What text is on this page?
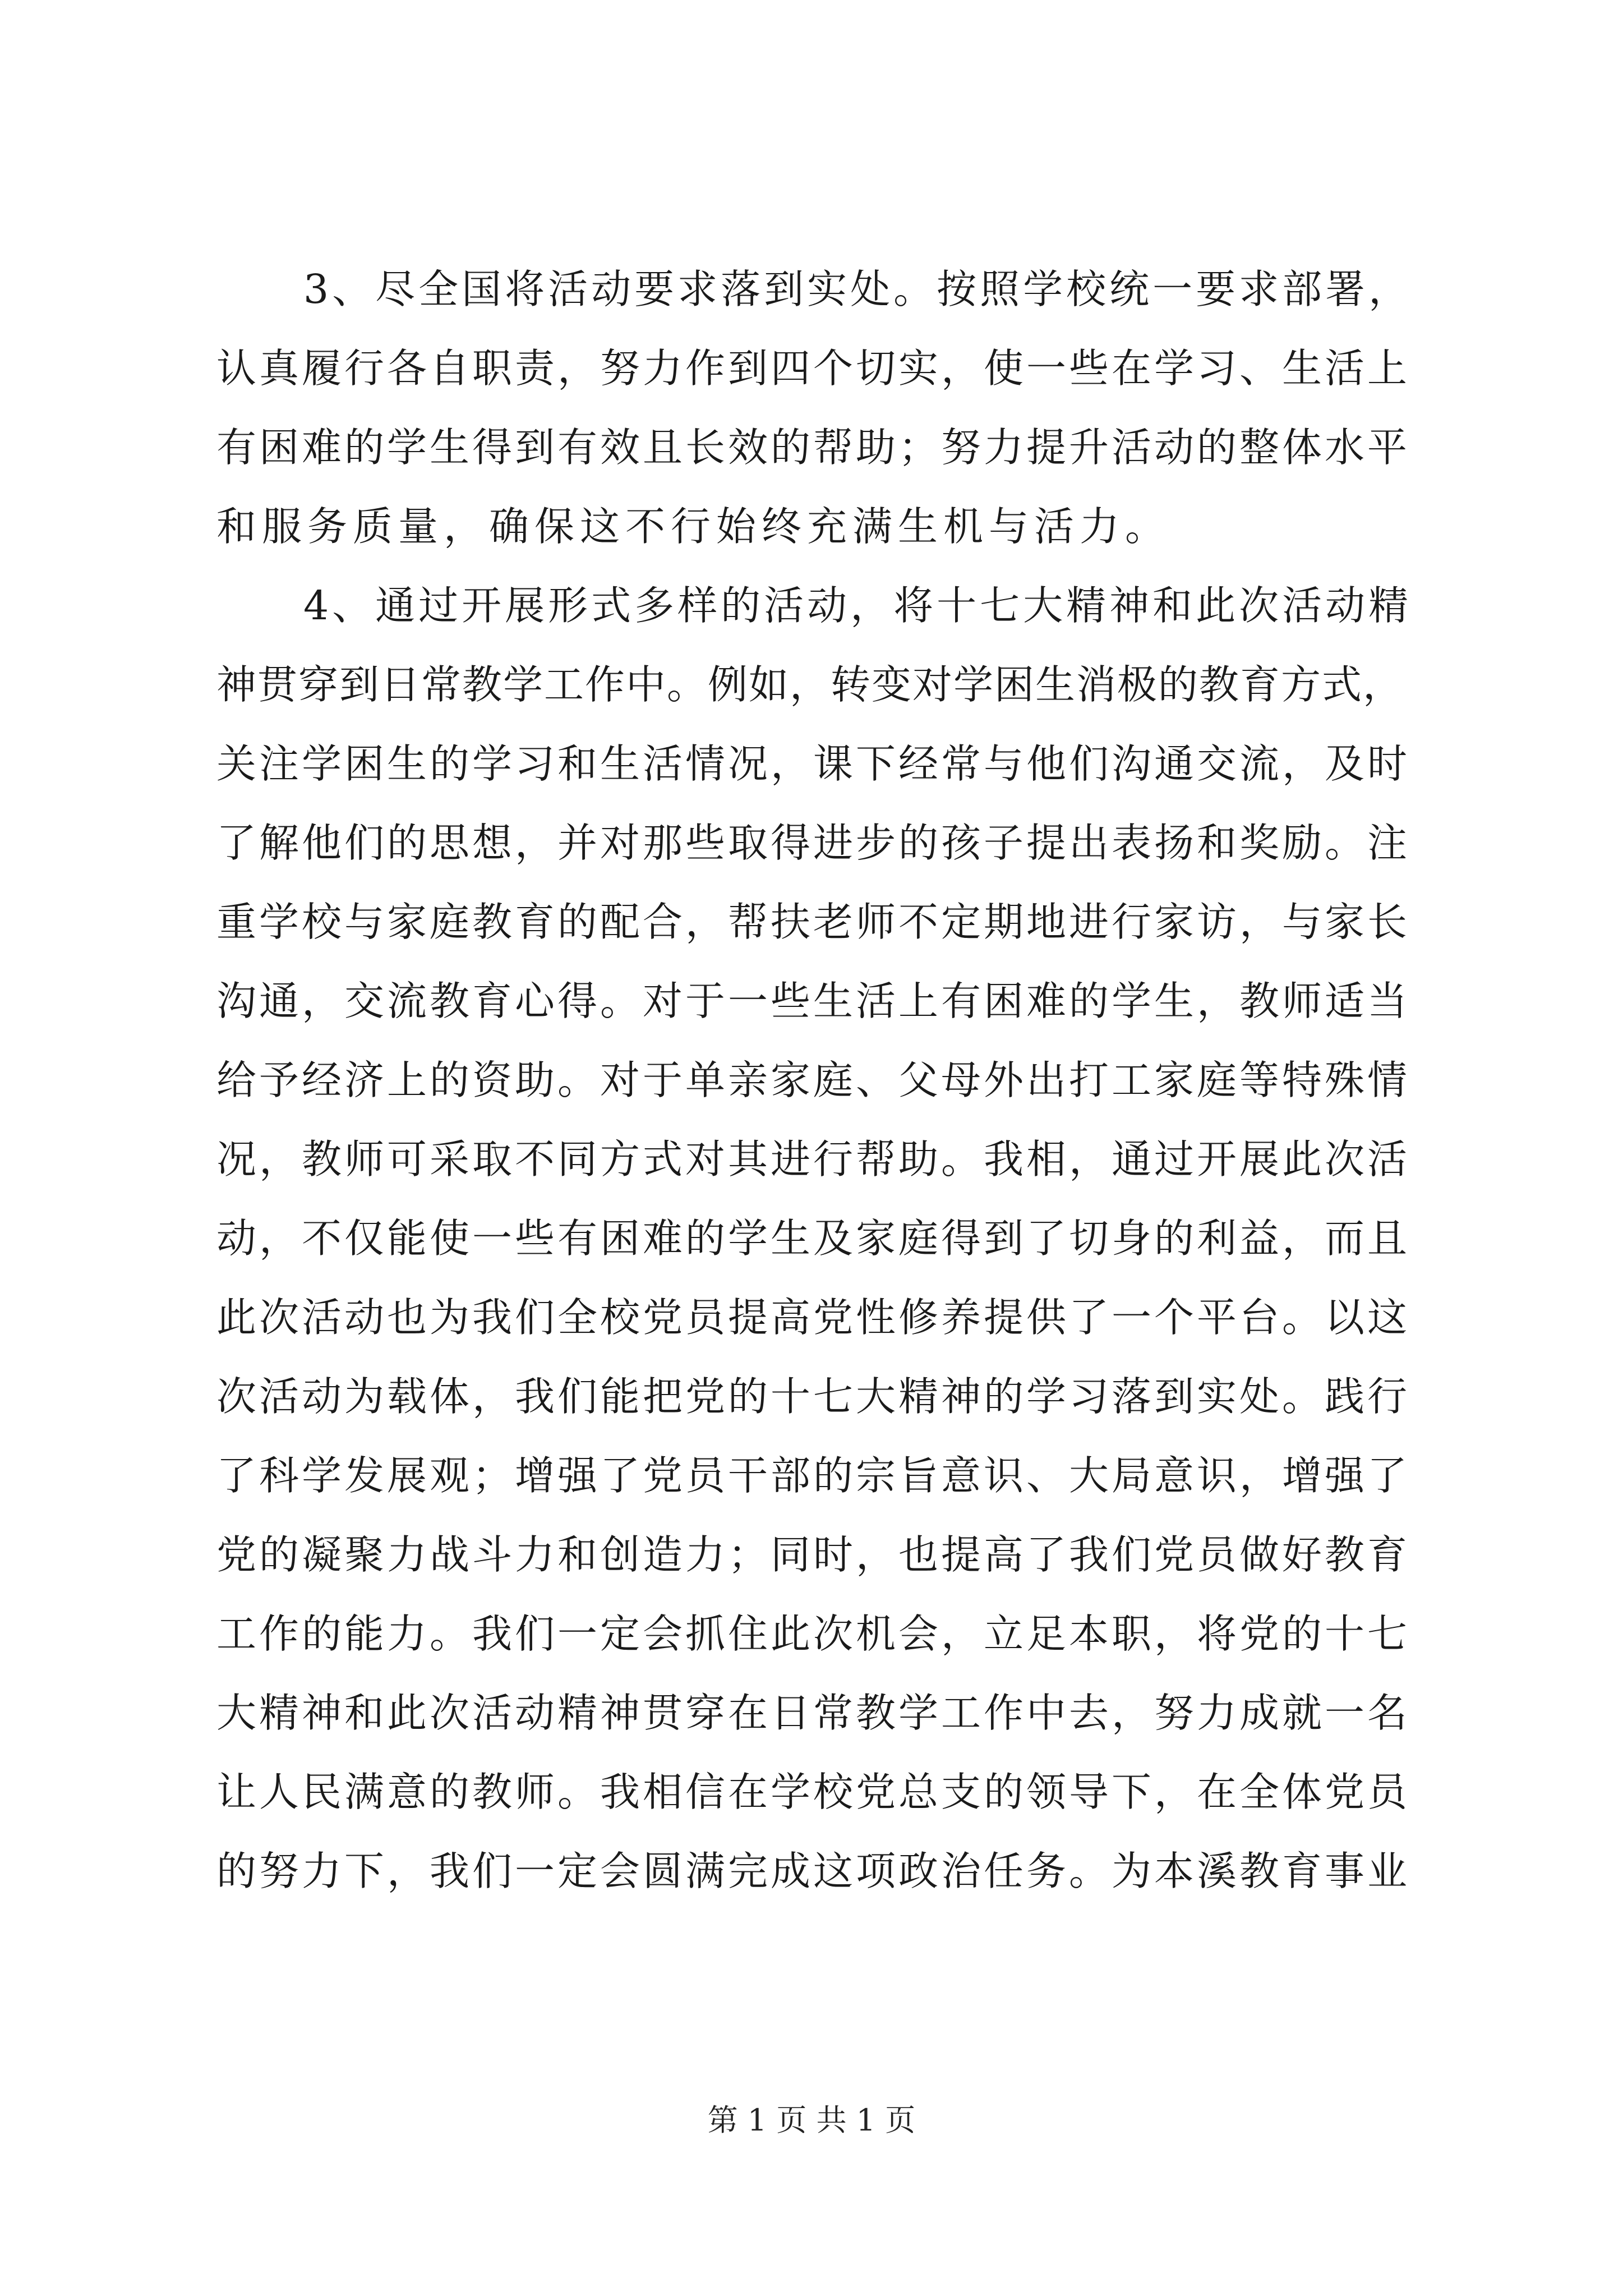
3、尽全国将活动要求落到实处。按照学校统一要求部署，
认真履行各自职责，努力作到四个切实，使一些在学习、生活上
有困难的学生得到有效且长效的帮助；努力提升活动的整体水平
和服务质量，确保这不行始终充满生机与活力。
4、通过开展形式多样的活动，将十七大精神和此次活动精
神贯穿到日常教学工作中。例如，转变对学困生消极的教育方式，
关注学困生的学习和生活情况，课下经常与他们沟通交流，及时
了解他们的思想，并对那些取得进步的孩子提出表扬和奖励。注
重学校与家庭教育的配合，帮扶老师不定期地进行家访，与家长
沟通，交流教育心得。对于一些生活上有困难的学生，教师适当
给予经济上的资助。对于单亲家庭、父母外出打工家庭等特殊情
况，教师可采取不同方式对其进行帮助。我相，通过开展此次活
动，不仅能使一些有困难的学生及家庭得到了切身的利益，而且
此次活动也为我们全校党员提高党性修养提供了一个平台。以这
次活动为载体，我们能把党的十七大精神的学习落到实处。践行
了科学发展观；增强了党员干部的宗旨意识、大局意识，增强了
党的凝聚力战斗力和创造力；同时，也提高了我们党员做好教育
工作的能力。我们一定会抓住此次机会，立足本职，将党的十七
大精神和此次活动精神贯穿在日常教学工作中去，努力成就一名
让人民满意的教师。我相信在学校党总支的领导下，在全体党员
的努力下，我们一定会圆满完成这项政治任务。为本溪教育事业
第 1 页 共 1 页
